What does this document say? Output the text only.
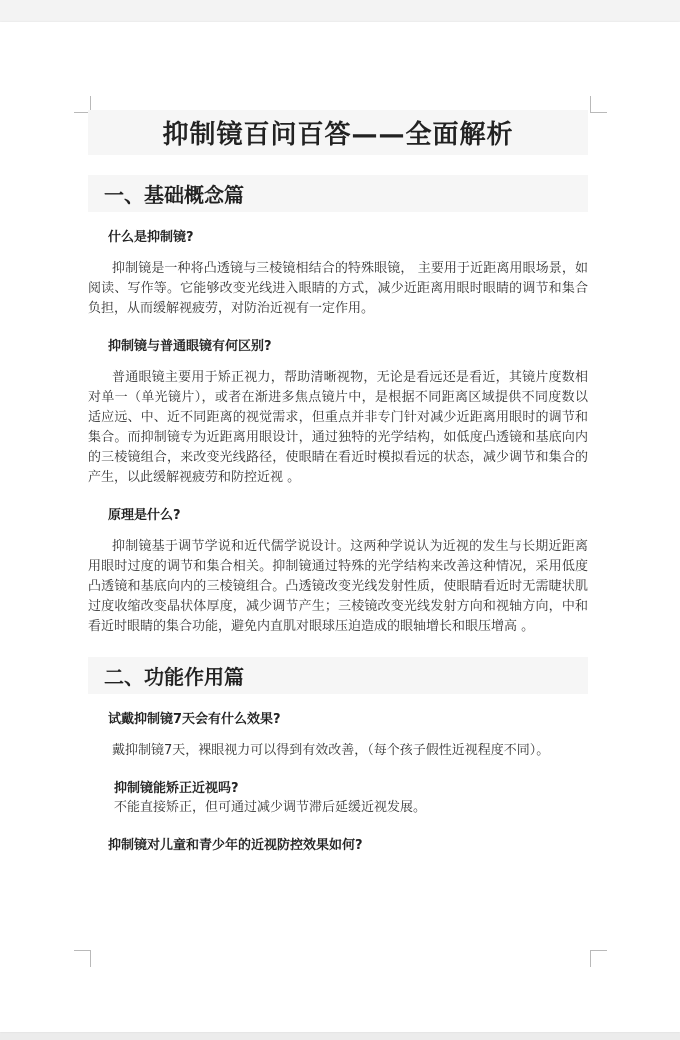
抑制镜百问百答——全面解析
一、基础概念篇
什么是抑制镜?

抑制镜是一种将凸透镜与三棱镜相结合的特殊眼镜， 主要用于近距离用眼场景，如阅读、写作等。它能够改变光线进入眼睛的方式，减少近距离用眼时眼睛的调节和集合负担，从而缓解视疲劳，对防治近视有一定作用。

抑制镜与普通眼镜有何区别?

普通眼镜主要用于矫正视力，帮助清晰视物，无论是看远还是看近，其镜片度数相对单一（单光镜片），或者在渐进多焦点镜片中，是根据不同距离区域提供不同度数以适应远、中、近不同距离的视觉需求，但重点并非专门针对减少近距离用眼时的调节和集合。而抑制镜专为近距离用眼设计，通过独特的光学结构，如低度凸透镜和基底向内的三棱镜组合，来改变光线路径，使眼睛在看近时模拟看远的状态，减少调节和集合的产生，以此缓解视疲劳和防控近视 。

原理是什么?

抑制镜基于调节学说和近代儒学说设计。这两种学说认为近视的发生与长期近距离用眼时过度的调节和集合相关。抑制镜通过特殊的光学结构来改善这种情况，采用低度凸透镜和基底向内的三棱镜组合。凸透镜改变光线发射性质，使眼睛看近时无需睫状肌过度收缩改变晶状体厚度，减少调节产生；三棱镜改变光线发射方向和视轴方向，中和看近时眼睛的集合功能，避免内直肌对眼球压迫造成的眼轴增长和眼压增高 。

二、功能作用篇
试戴抑制镜7天会有什么效果?

戴抑制镜7天，裸眼视力可以得到有效改善，（每个孩子假性近视程度不同）。

抑制镜能矫正近视吗?

不能直接矫正，但可通过减少调节滞后延缓近视发展。

抑制镜对儿童和青少年的近视防控效果如何?
